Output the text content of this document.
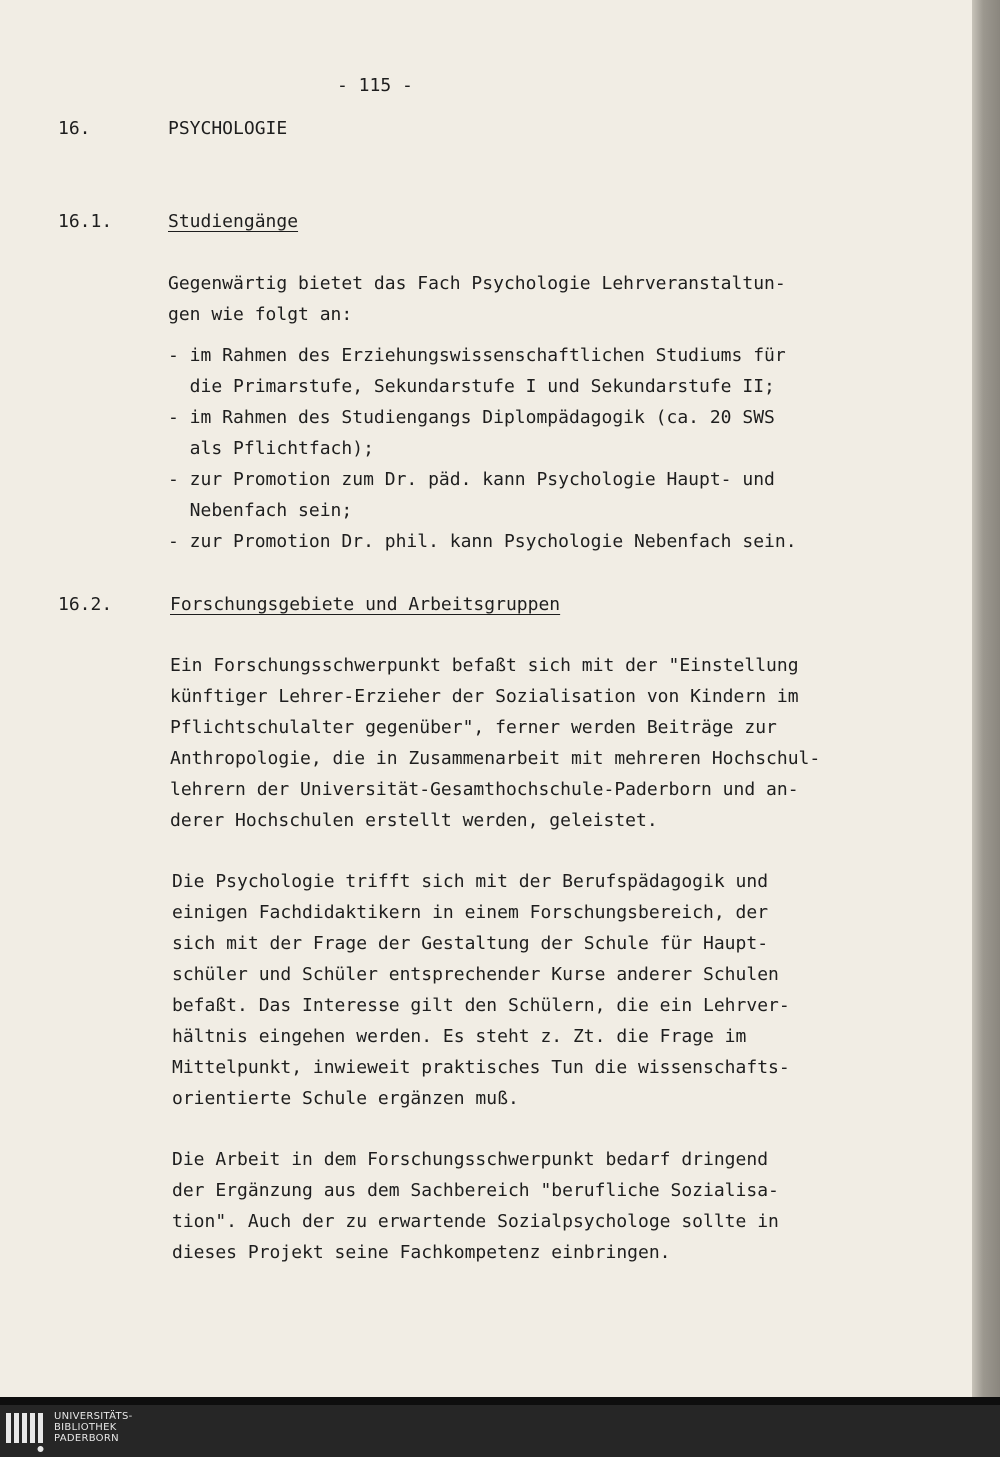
- 115 -

16.	PSYCHOLOGIE

16.1.	Studiengänge

Gegenwärtig bietet das Fach Psychologie Lehrveranstaltun-

gen wie folgt an:

- im Rahmen des Erziehungswissenschaftlichen Studiums für

die Primarstufe, Sekundarstufe I und Sekundarstufe II;

- im Rahmen des Studiengangs Diplompädagogik (ca. 20 SWS

als Pflichtfach);

- zur Promotion zum Dr. päd. kann Psychologie Haupt- und

Nebenfach sein;

- zur Promotion Dr. phil. kann Psychologie Nebenfach sein.

16.2.	Forschungsgebiete und Arbeitsgruppen

Ein Forschungsschwerpunkt befaßt sich mit der "Einstellung

künftiger Lehrer-Erzieher der Sozialisation von Kindern im

Pflichtschulalter gegenüber", ferner werden Beiträge zur

Anthropologie, die in Zusammenarbeit mit mehreren Hochschul-

lehrern der Universität-Gesamthochschule-Paderborn und an-

derer Hochschulen erstellt werden, geleistet.

Die Psychologie trifft sich mit der Berufspädagogik und

einigen Fachdidaktikern in einem Forschungsbereich, der

sich mit der Frage der Gestaltung der Schule für Haupt-

schüler und Schüler entsprechender Kurse anderer Schulen

befaßt. Das Interesse gilt den Schülern, die ein Lehrver-

hältnis eingehen werden. Es steht z. Zt. die Frage im

Mittelpunkt, inwieweit praktisches Tun die wissenschafts-

orientierte Schule ergänzen muß.

Die Arbeit in dem Forschungsschwerpunkt bedarf dringend

der Ergänzung aus dem Sachbereich "berufliche Sozialisa-

tion". Auch der zu erwartende Sozialpsychologe sollte in

dieses Projekt seine Fachkompetenz einbringen.

UNIVERSITÄTS-
BIBLIOTHEK
PADERBORN
